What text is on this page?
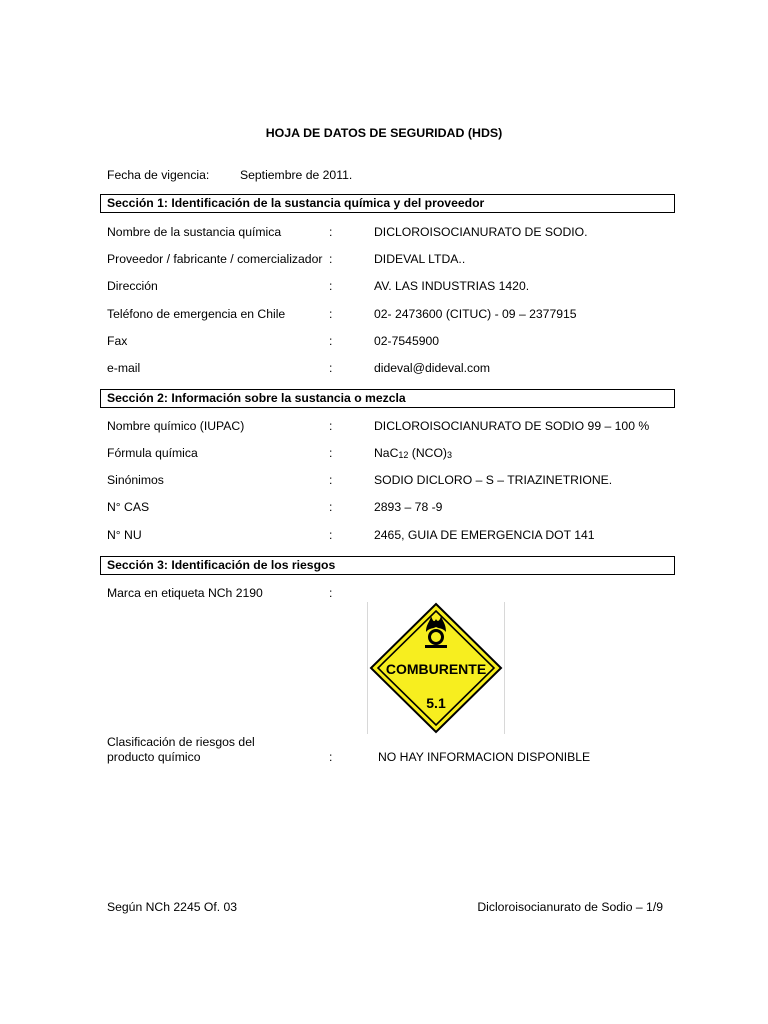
HOJA DE DATOS DE SEGURIDAD (HDS)
Fecha de vigencia:	Septiembre de 2011.
Sección 1: Identificación de la sustancia química y del proveedor
Nombre de la sustancia química	:	DICLOROISOCIANURATO DE SODIO.
Proveedor / fabricante / comercializador :	DIDEVAL LTDA..
Dirección	:	AV. LAS INDUSTRIAS 1420.
Teléfono de emergencia en Chile	:	02- 2473600 (CITUC) - 09 – 2377915
Fax	:	02-7545900
e-mail	:	dideval@dideval.com
Sección 2: Información sobre la sustancia o mezcla
Nombre químico (IUPAC)	:	DICLOROISOCIANURATO DE SODIO 99 – 100 %
Fórmula química	:	NaC12 (NCO)3
Sinónimos	:	SODIO DICLORO – S – TRIAZINETRIONE.
N° CAS	:	2893 – 78 -9
N° NU	:	2465, GUIA DE EMERGENCIA DOT 141
Sección 3: Identificación de los riesgos
Marca en etiqueta NCh 2190	:
COMBURENTE
5.1
Clasificación de riesgos del producto químico	:	NO HAY INFORMACION DISPONIBLE
Según NCh 2245 Of. 03	Dicloroisocianurato de Sodio – 1/9
